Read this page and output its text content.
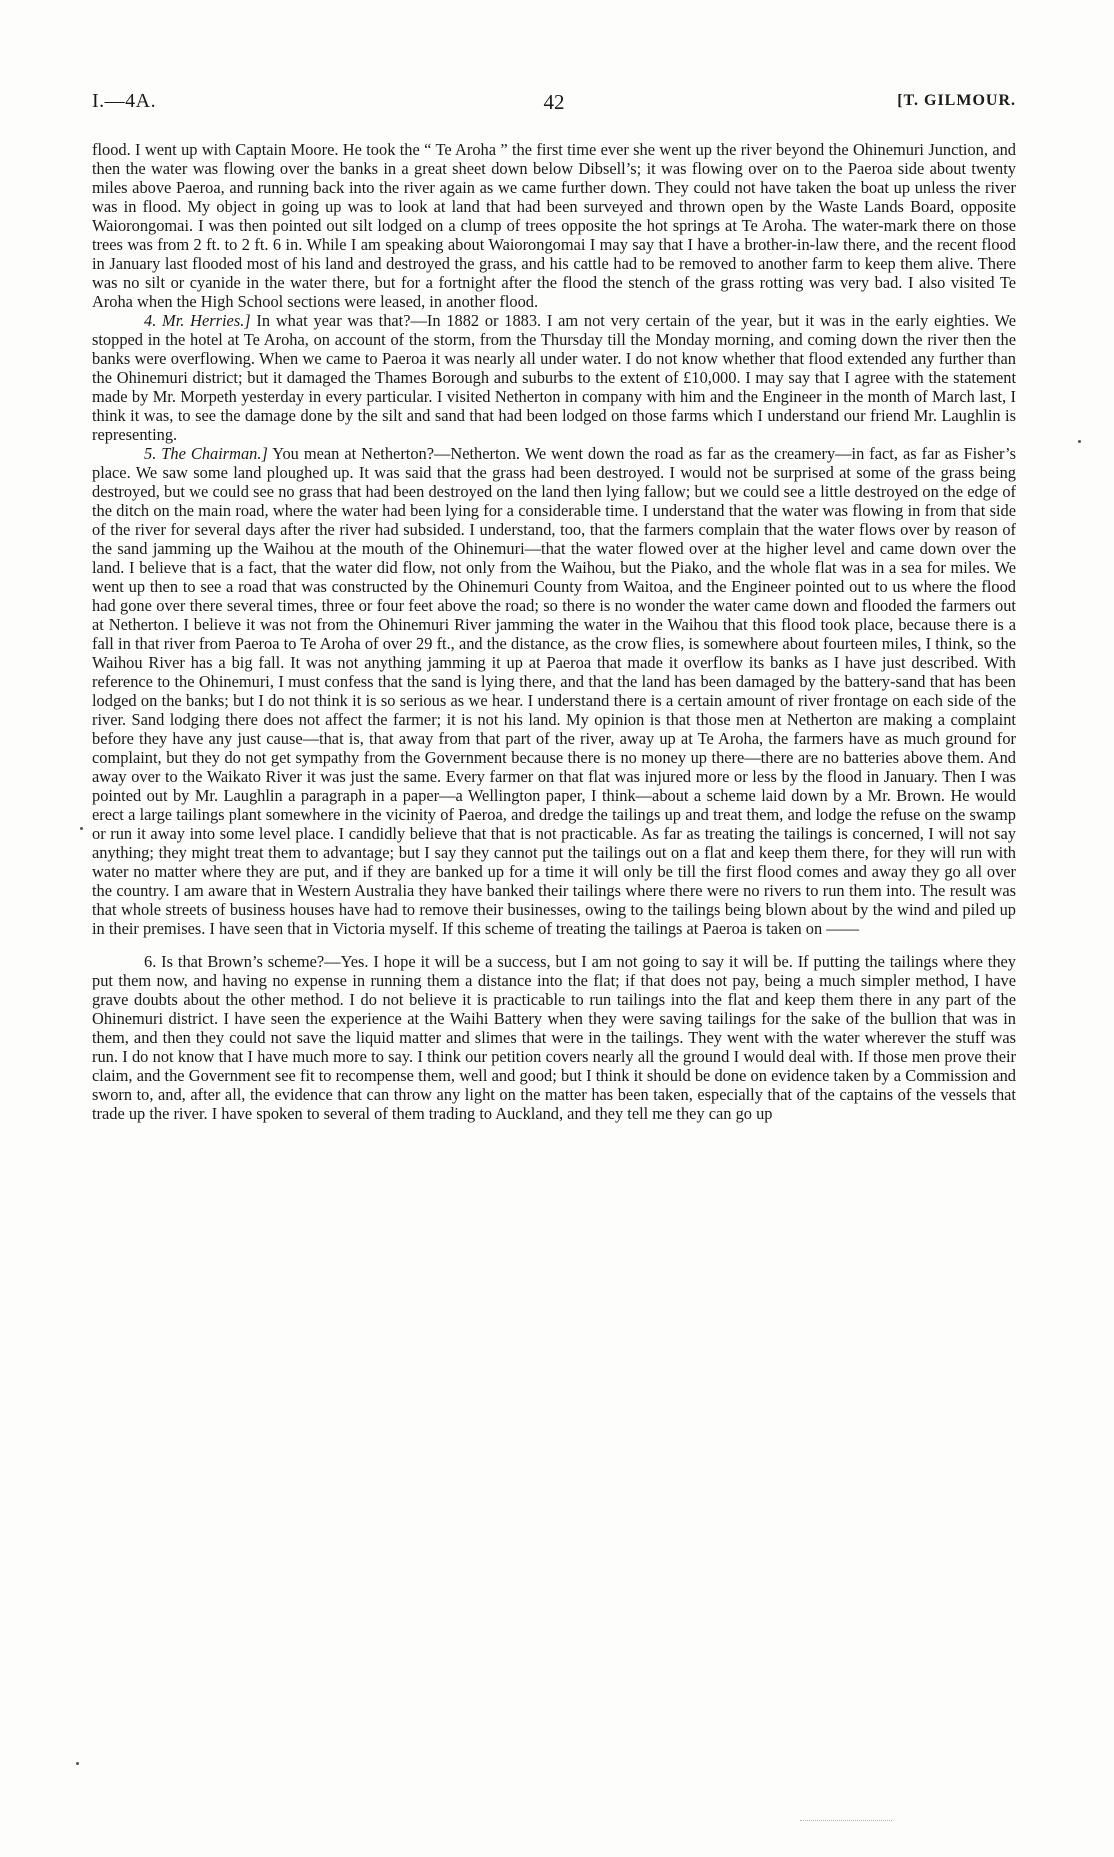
I.—4A.	42	[T. GILMOUR.

flood. I went up with Captain Moore. He took the “ Te Aroha ” the first time ever she went up the river beyond the Ohinemuri Junction, and then the water was flowing over the banks in a great sheet down below Dibsell’s; it was flowing over on to the Paeroa side about twenty miles above Paeroa, and running back into the river again as we came further down. They could not have taken the boat up unless the river was in flood. My object in going up was to look at land that had been surveyed and thrown open by the Waste Lands Board, opposite Waiorongomai. I was then pointed out silt lodged on a clump of trees opposite the hot springs at Te Aroha. The water-mark there on those trees was from 2 ft. to 2 ft. 6 in. While I am speaking about Waiorongomai I may say that I have a brother-in-law there, and the recent flood in January last flooded most of his land and destroyed the grass, and his cattle had to be removed to another farm to keep them alive. There was no silt or cyanide in the water there, but for a fortnight after the flood the stench of the grass rotting was very bad. I also visited Te Aroha when the High School sections were leased, in another flood.

4. Mr. Herries.] In what year was that?—In 1882 or 1883. I am not very certain of the year, but it was in the early eighties. We stopped in the hotel at Te Aroha, on account of the storm, from the Thursday till the Monday morning, and coming down the river then the banks were overflowing. When we came to Paeroa it was nearly all under water. I do not know whether that flood extended any further than the Ohinemuri district; but it damaged the Thames Borough and suburbs to the extent of £10,000. I may say that I agree with the statement made by Mr. Morpeth yesterday in every particular. I visited Netherton in company with him and the Engineer in the month of March last, I think it was, to see the damage done by the silt and sand that had been lodged on those farms which I understand our friend Mr. Laughlin is representing.

5. The Chairman.] You mean at Netherton?—Netherton. We went down the road as far as the creamery—in fact, as far as Fisher’s place. We saw some land ploughed up. It was said that the grass had been destroyed. I would not be surprised at some of the grass being destroyed, but we could see no grass that had been destroyed on the land then lying fallow; but we could see a little destroyed on the edge of the ditch on the main road, where the water had been lying for a considerable time. I understand that the water was flowing in from that side of the river for several days after the river had subsided. I understand, too, that the farmers complain that the water flows over by reason of the sand jamming up the Waihou at the mouth of the Ohinemuri—that the water flowed over at the higher level and came down over the land. I believe that is a fact, that the water did flow, not only from the Waihou, but the Piako, and the whole flat was in a sea for miles. We went up then to see a road that was constructed by the Ohinemuri County from Waitoa, and the Engineer pointed out to us where the flood had gone over there several times, three or four feet above the road; so there is no wonder the water came down and flooded the farmers out at Netherton. I believe it was not from the Ohinemuri River jamming the water in the Waihou that this flood took place, because there is a fall in that river from Paeroa to Te Aroha of over 29 ft., and the distance, as the crow flies, is somewhere about fourteen miles, I think, so the Waihou River has a big fall. It was not anything jamming it up at Paeroa that made it overflow its banks as I have just described. With reference to the Ohinemuri, I must confess that the sand is lying there, and that the land has been damaged by the battery-sand that has been lodged on the banks; but I do not think it is so serious as we hear. I understand there is a certain amount of river frontage on each side of the river. Sand lodging there does not affect the farmer; it is not his land. My opinion is that those men at Netherton are making a complaint before they have any just cause—that is, that away from that part of the river, away up at Te Aroha, the farmers have as much ground for complaint, but they do not get sympathy from the Government because there is no money up there—there are no batteries above them. And away over to the Waikato River it was just the same. Every farmer on that flat was injured more or less by the flood in January. Then I was pointed out by Mr. Laughlin a paragraph in a paper—a Wellington paper, I think—about a scheme laid down by a Mr. Brown. He would erect a large tailings plant somewhere in the vicinity of Paeroa, and dredge the tailings up and treat them, and lodge the refuse on the swamp or run it away into some level place. I candidly believe that that is not practicable. As far as treating the tailings is concerned, I will not say anything; they might treat them to advantage; but I say they cannot put the tailings out on a flat and keep them there, for they will run with water no matter where they are put, and if they are banked up for a time it will only be till the first flood comes and away they go all over the country. I am aware that in Western Australia they have banked their tailings where there were no rivers to run them into. The result was that whole streets of business houses have had to remove their businesses, owing to the tailings being blown about by the wind and piled up in their premises. I have seen that in Victoria myself. If this scheme of treating the tailings at Paeroa is taken on ——

6. Is that Brown’s scheme?—Yes. I hope it will be a success, but I am not going to say it will be. If putting the tailings where they put them now, and having no expense in running them a distance into the flat; if that does not pay, being a much simpler method, I have grave doubts about the other method. I do not believe it is practicable to run tailings into the flat and keep them there in any part of the Ohinemuri district. I have seen the experience at the Waihi Battery when they were saving tailings for the sake of the bullion that was in them, and then they could not save the liquid matter and slimes that were in the tailings. They went with the water wherever the stuff was run. I do not know that I have much more to say. I think our petition covers nearly all the ground I would deal with. If those men prove their claim, and the Government see fit to recompense them, well and good; but I think it should be done on evidence taken by a Commission and sworn to, and, after all, the evidence that can throw any light on the matter has been taken, especially that of the captains of the vessels that trade up the river. I have spoken to several of them trading to Auckland, and they tell me they can go up
